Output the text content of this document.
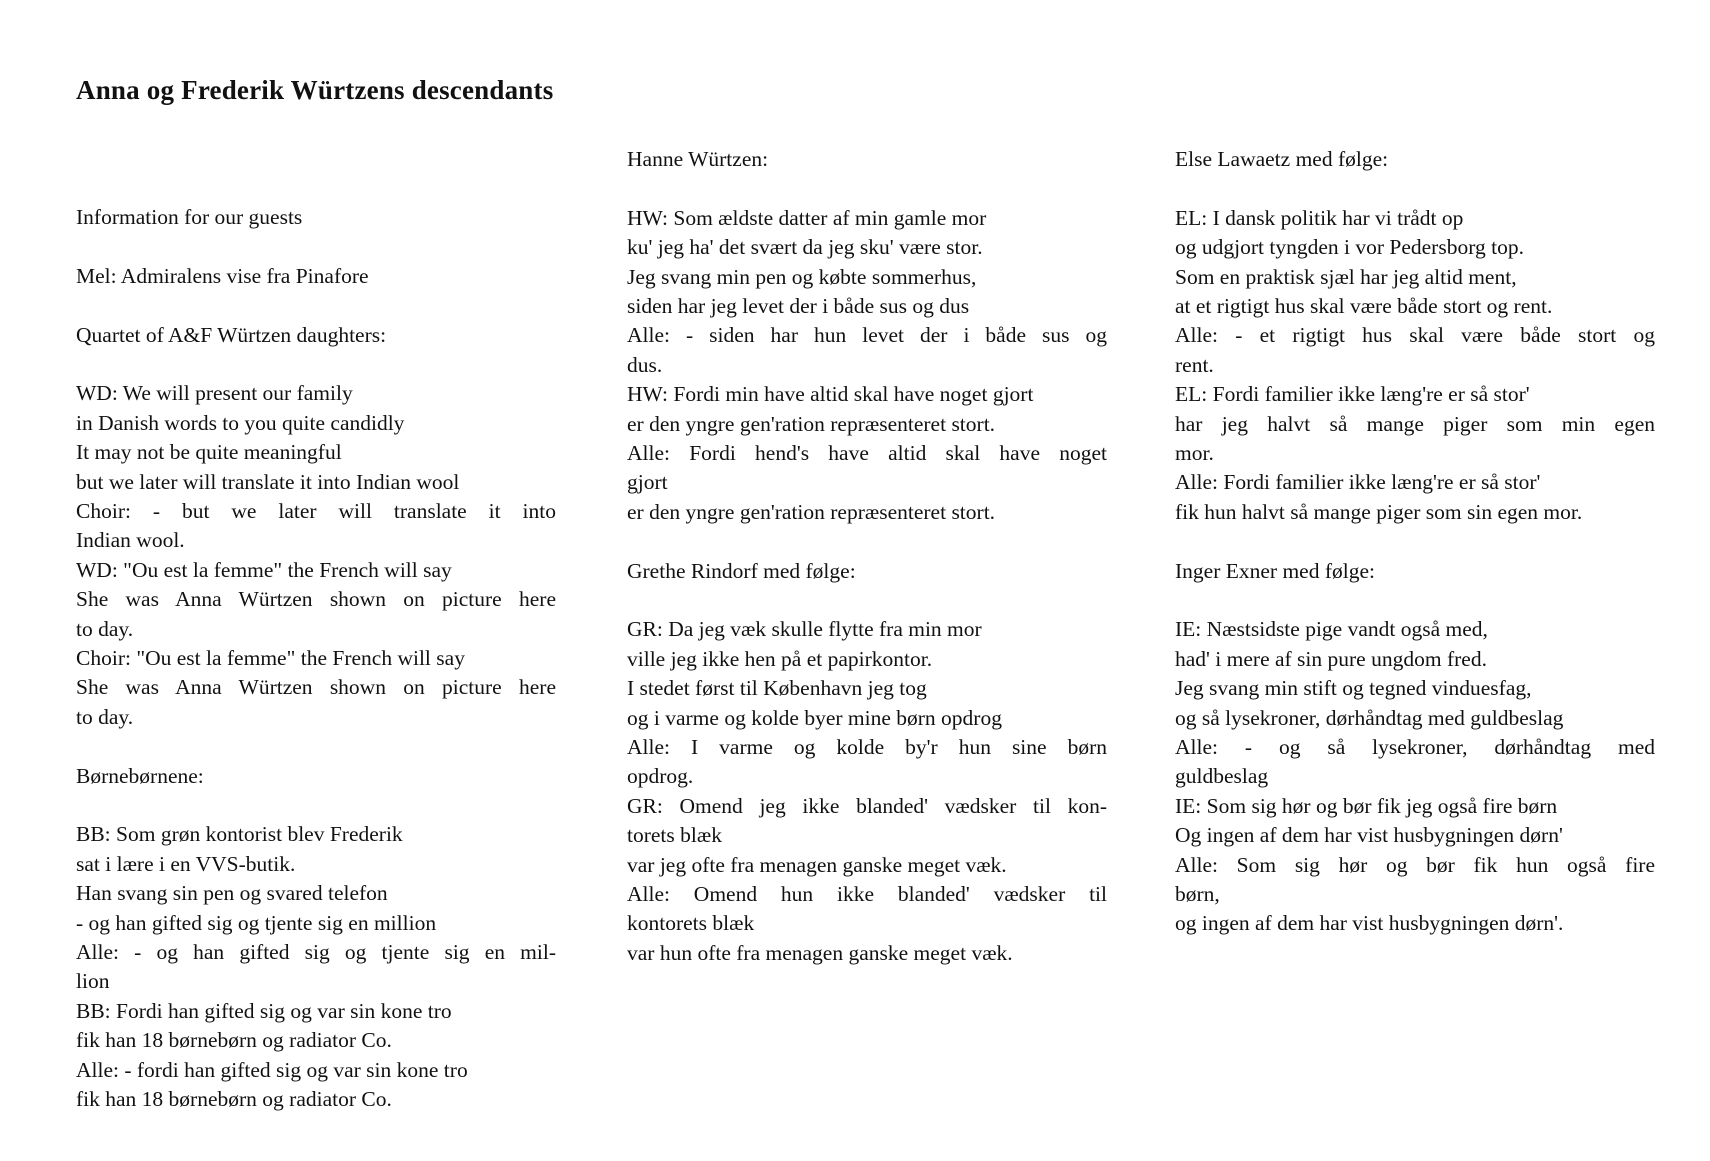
Anna og Frederik Würtzens descendants
Information for our guests
Mel: Admiralens vise fra Pinafore
Quartet of A&F Würtzen daughters:
WD: We will present our family
in Danish words to you quite candidly
It may not be quite meaningful
but we later will translate it into Indian wool
Choir: - but we later will translate it into
Indian wool.
WD: "Ou est la femme" the French will say
She was Anna Würtzen shown on picture here
to day.
Choir: "Ou est la femme" the French will say
She was Anna Würtzen shown on picture here
to day.
Børnebørnene:
BB: Som grøn kontorist blev Frederik
sat i lære i en VVS-butik.
Han svang sin pen og svared telefon
- og han gifted sig og tjente sig en million
Alle: - og han gifted sig og tjente sig en mil-
lion
BB: Fordi han gifted sig og var sin kone tro
fik han 18 børnebørn og radiator Co.
Alle: - fordi han gifted sig og var sin kone tro
fik han 18 børnebørn og radiator Co.
Hanne Würtzen:
HW: Som ældste datter af min gamle mor
ku' jeg ha' det svært da jeg sku' være stor.
Jeg svang min pen og købte sommerhus,
siden har jeg levet der i både sus og dus
Alle: - siden har hun levet der i både sus og
dus.
HW: Fordi min have altid skal have noget gjort
er den yngre gen'ration repræsenteret stort.
Alle: Fordi hend's have altid skal have noget
gjort
er den yngre gen'ration repræsenteret stort.
Grethe Rindorf med følge:
GR: Da jeg væk skulle flytte fra min mor
ville jeg ikke hen på et papirkontor.
I stedet først til København jeg tog
og i varme og kolde byer mine børn opdrog
Alle: I varme og kolde by'r hun sine børn
opdrog.
GR: Omend jeg ikke blanded' vædsker til kon-
torets blæk
var jeg ofte fra menagen ganske meget væk.
Alle: Omend hun ikke blanded' vædsker til
kontorets blæk
var hun ofte fra menagen ganske meget væk.
Else Lawaetz med følge:
EL: I dansk politik har vi trådt op
og udgjort tyngden i vor Pedersborg top.
Som en praktisk sjæl har jeg altid ment,
at et rigtigt hus skal være både stort og rent.
Alle: - et rigtigt hus skal være både stort og
rent.
EL: Fordi familier ikke læng're er så stor'
har jeg halvt så mange piger som min egen
mor.
Alle: Fordi familier ikke læng're er så stor'
fik hun halvt så mange piger som sin egen mor.
Inger Exner med følge:
IE: Næstsidste pige vandt også med,
had' i mere af sin pure ungdom fred.
Jeg svang min stift og tegned vinduesfag,
og så lysekroner, dørhåndtag med guldbeslag
Alle: - og så lysekroner, dørhåndtag med
guldbeslag
IE: Som sig hør og bør fik jeg også fire børn
Og ingen af dem har vist husbygningen dørn'
Alle: Som sig hør og bør fik hun også fire
børn,
og ingen af dem har vist husbygningen dørn'.
